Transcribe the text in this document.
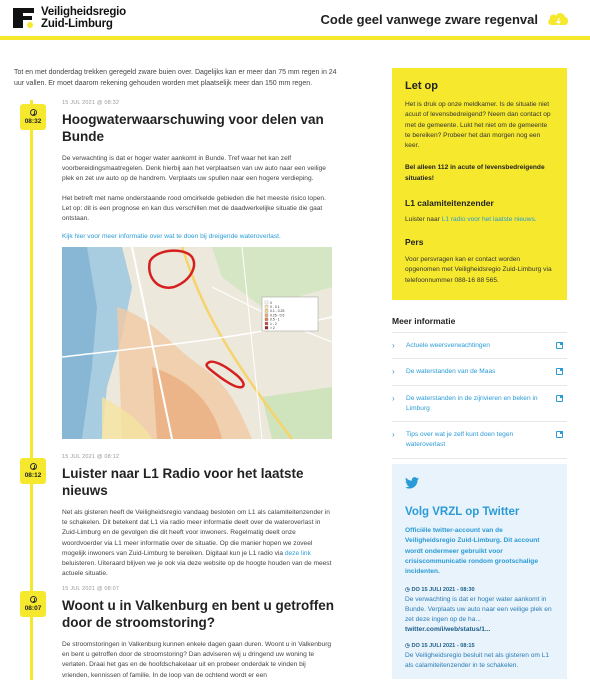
Veiligheidsregio
Zuid-Limburg	Code geel vanwege zware regenval
Tot en met donderdag trekken geregeld zware buien over. Dagelijks kan er meer dan 75 mm regen in 24 uur vallen. Er moet daarom rekening gehouden worden met plaatselijk meer dan 150 mm regen.
08:32
15 JUL 2021 @ 08:32
Hoogwaterwaarschuwing voor delen van Bunde
De verwachting is dat er hoger water aankomt in Bunde. Tref waar het kan zelf voorbereidingsmaatregelen. Denk hierbij aan het verplaatsen van uw auto naar een veilige plek en zet uw auto op de handrem. Verplaats uw spullen naar een hogere verdieping.
Het betreft met name onderstaande rood omcirkelde gebieden die het meeste risico lopen. Let op: dit is een prognose en kan dus verschillen met de daadwerkelijke situatie die gaat ontstaan.
Kijk hier voor meer informatie over wat te doen bij dreigende wateroverlast.
0
0 - 0.1
0.1 - 0.25
0.25 - 0.5
0.5 - 1
1 - 2
> 2
08:12
15 JUL 2021 @ 08:12
Luister naar L1 Radio voor het laatste nieuws
Net als gisteren heeft de Veiligheidsregio vandaag besloten om L1 als calamiteitenzender in te schakelen. Dit betekent dat L1 via radio meer informatie deelt over de wateroverlast in Zuid-Limburg en de gevolgen die dit heeft voor inwoners. Regelmatig deelt onze woordvoerder via L1 meer informatie over de situatie. Op die manier hopen we zoveel mogelijk inwoners van Zuid-Limburg te bereiken. Digitaal kun je L1 radio via deze link beluisteren. Uiteraard blijven we je ook via deze website op de hoogte houden van de meest actuele situatie.
08:07
15 JUL 2021 @ 08:07
Woont u in Valkenburg en bent u getroffen door de stroomstoring?
De stroomstoringen in Valkenburg kunnen enkele dagen gaan duren. Woont u in Valkenburg en bent u getroffen door de stroomstoring? Dan adviseren wij u dringend uw woning te verlaten. Draai het gas en de hoofdschakelaar uit en probeer onderdak te vinden bij vrienden, kennissen of familie. In de loop van de ochtend wordt er een
Let op
Het is druk op onze meldkamer. Is de situatie niet acuut of levensbedreigend? Neem dan contact op met de gemeente. Lukt het niet om de gemeente te bereiken? Probeer het dan morgen nog een keer.
Bel alleen 112 in acute of levensbedreigende situaties!
L1 calamiteitenzender
Luister naar L1 radio voor het laatste nieuws.
Pers
Voor persvragen kan er contact worden opgenomen met Veiligheidsregio Zuid-Limburg via telefoonnummer 088-16 88 565.
Meer informatie
› Actuele weersverwachtingen
› De waterstanden van de Maas
› De waterstanden in de zijrivieren en beken in Limburg
› Tips over wat je zelf kunt doen tegen wateroverlast
Volg VRZL op Twitter
Officiële twitter-account van de Veiligheidsregio Zuid-Limburg. Dit account wordt ondermeer gebruikt voor crisiscommunicatie rondom grootschalige incidenten.
◷ DO 15 JULI 2021 - 08:30
De verwachting is dat er hoger water aankomt in Bunde. Verplaats uw auto naar een veilige plek en zet deze ingen op de ha...
twitter.com/i/web/status/1...
◷ DO 15 JULI 2021 - 08:15
De Veiligheidsregio besluit net als gisteren om L1 als calamiteitenzender in te schakelen.
